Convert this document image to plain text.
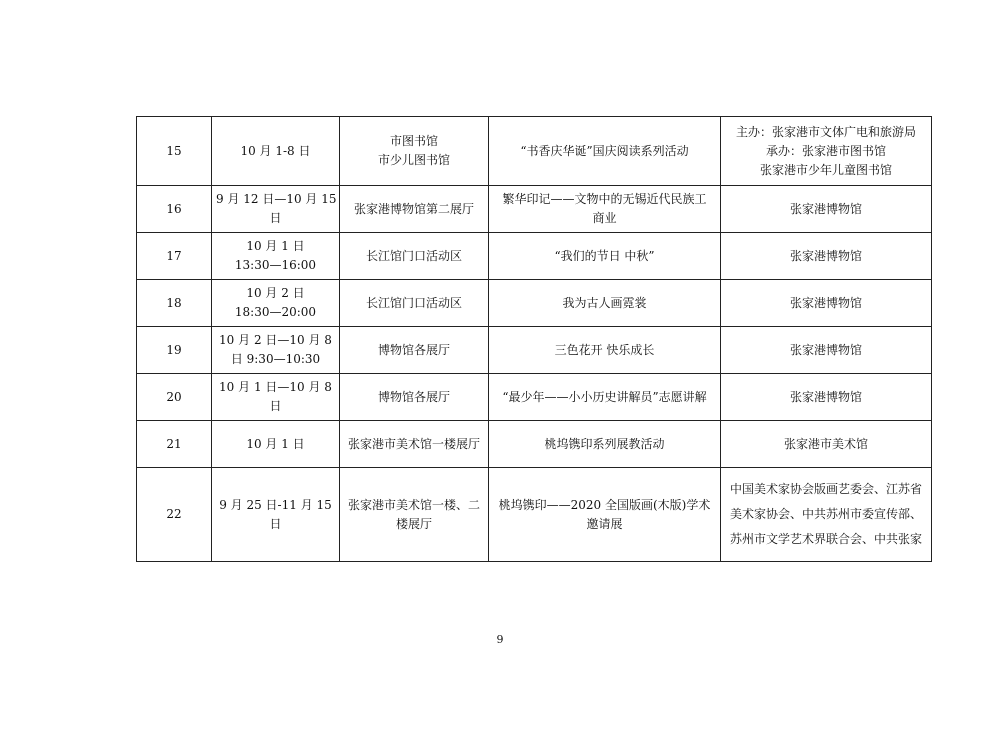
15	10 月 1-8 日	市图书馆
市少儿图书馆	“书香庆华诞”国庆阅读系列活动	主办：张家港市文体广电和旅游局
承办：张家港市图书馆
张家港市少年儿童图书馆

16	9 月 12 日—10 月 15
日	张家港博物馆第二展厅	繁华印记——文物中的无锡近代民族工
商业	张家港博物馆

17	10 月 1 日
13:30—16:00	长江馆门口活动区	“我们的节日 中秋”	张家港博物馆

18	10 月 2 日
18:30—20:00	长江馆门口活动区	我为古人画霓裳	张家港博物馆

19	10 月 2 日—10 月 8
日 9:30—10:30	博物馆各展厅	三色花开 快乐成长	张家港博物馆

20	10 月 1 日—10 月 8
日	博物馆各展厅	“最少年——小小历史讲解员”志愿讲解	张家港博物馆

21	10 月 1 日	张家港市美术馆一楼展厅	桃坞镌印系列展教活动	张家港市美术馆

22	9 月 25 日-11 月 15
日	张家港市美术馆一楼、二
楼展厅	桃坞镌印——2020 全国版画(木版)学术
邀请展	中国美术家协会版画艺委会、江苏省
美术家协会、中共苏州市委宣传部、
苏州市文学艺术界联合会、中共张家
9
